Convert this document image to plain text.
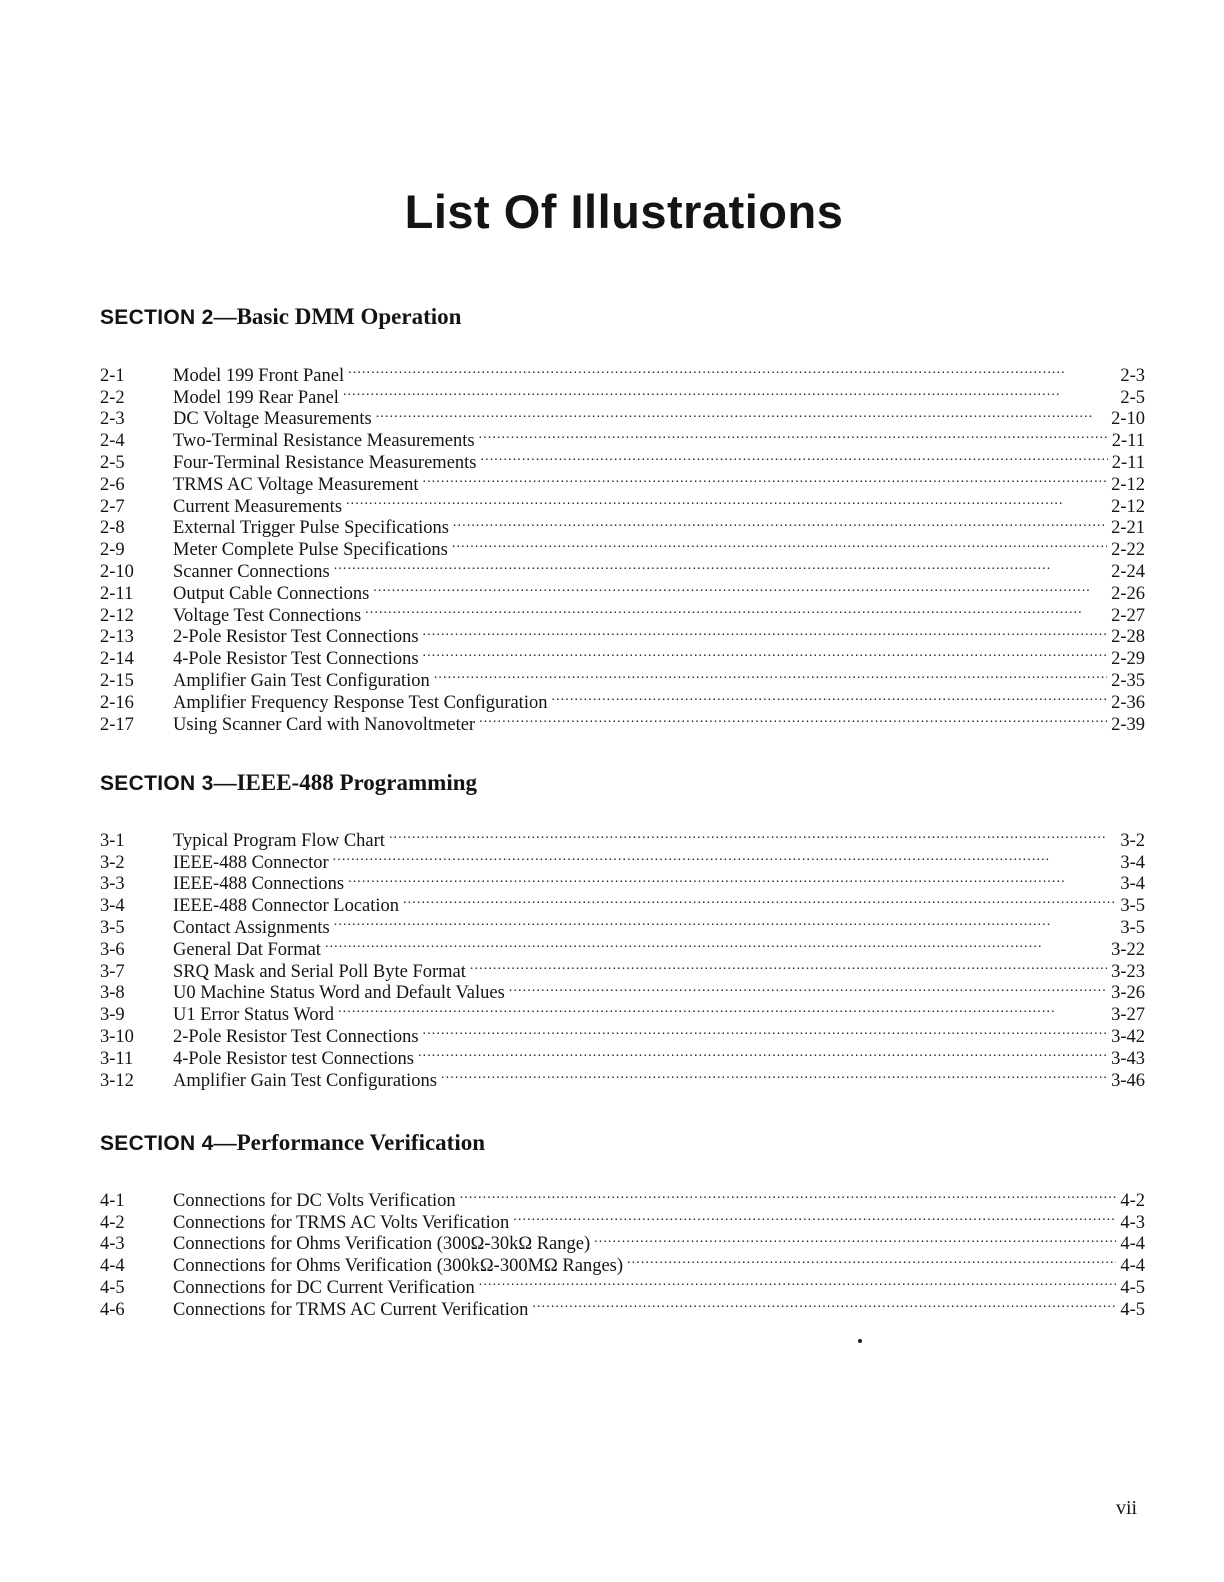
List Of Illustrations
SECTION 2—Basic DMM Operation
2-1	Model 199 Front Panel . . .	2-3
2-2	Model 199 Rear Panel . . .	2-5
2-3	DC Voltage Measurements . . .	2-10
2-4	Two-Terminal Resistance Measurements . . .	2-11
2-5	Four-Terminal Resistance Measurements . . .	2-11
2-6	TRMS AC Voltage Measurement . . .	2-12
2-7	Current Measurements . . .	2-12
2-8	External Trigger Pulse Specifications . . .	2-21
2-9	Meter Complete Pulse Specifications . . .	2-22
2-10	Scanner Connections . . .	2-24
2-11	Output Cable Connections . . .	2-26
2-12	Voltage Test Connections . . .	2-27
2-13	2-Pole Resistor Test Connections . . .	2-28
2-14	4-Pole Resistor Test Connections . . .	2-29
2-15	Amplifier Gain Test Configuration . . .	2-35
2-16	Amplifier Frequency Response Test Configuration . . .	2-36
2-17	Using Scanner Card with Nanovoltmeter . . .	2-39
SECTION 3—IEEE-488 Programming
3-1	Typical Program Flow Chart . . .	3-2
3-2	IEEE-488 Connector . . .	3-4
3-3	IEEE-488 Connections . . .	3-4
3-4	IEEE-488 Connector Location . . .	3-5
3-5	Contact Assignments . . .	3-5
3-6	General Dat Format . . .	3-22
3-7	SRQ Mask and Serial Poll Byte Format . . .	3-23
3-8	U0 Machine Status Word and Default Values . . .	3-26
3-9	U1 Error Status Word . . .	3-27
3-10	2-Pole Resistor Test Connections . . .	3-42
3-11	4-Pole Resistor test Connections . . .	3-43
3-12	Amplifier Gain Test Configurations . . .	3-46
SECTION 4—Performance Verification
4-1	Connections for DC Volts Verification . . .	4-2
4-2	Connections for TRMS AC Volts Verification . . .	4-3
4-3	Connections for Ohms Verification (300Ω-30kΩ Range) . . .	4-4
4-4	Connections for Ohms Verification (300kΩ-300MΩ Ranges) . . .	4-4
4-5	Connections for DC Current Verification . . .	4-5
4-6	Connections for TRMS AC Current Verification . . .	4-5

vii
